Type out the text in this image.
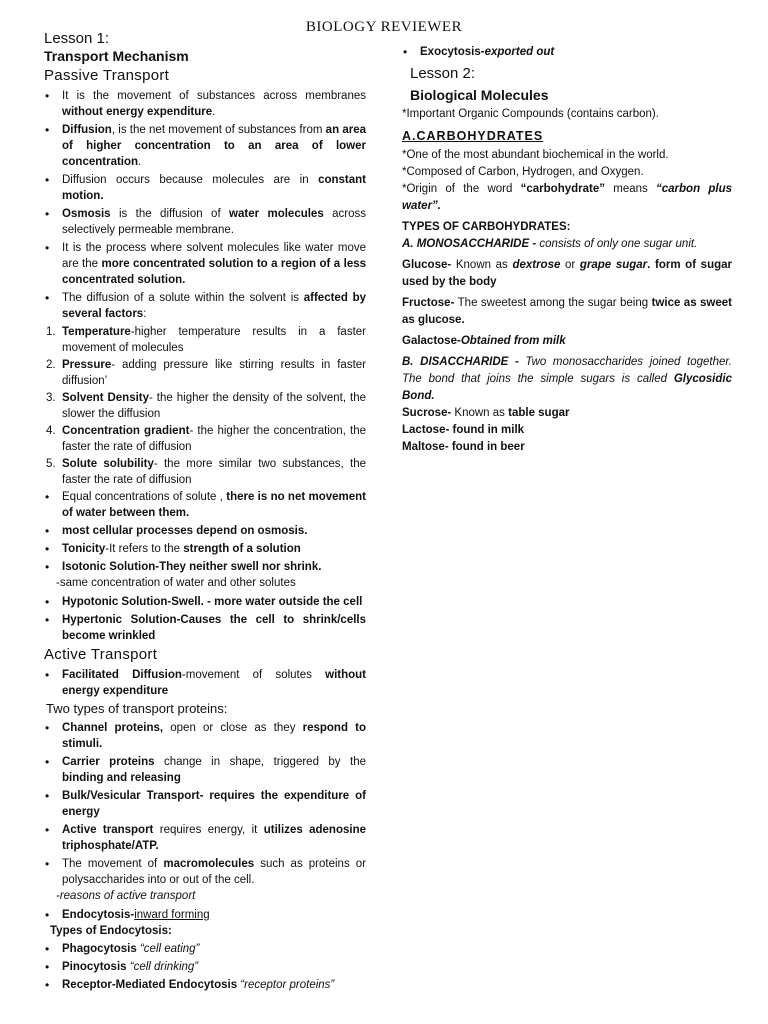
BIOLOGY REVIEWER

Lesson 1:

Transport Mechanism

Passive Transport

• It is the movement of substances across membranes without energy expenditure.
• Diffusion, is the net movement of substances from an area of higher concentration to an area of lower concentration.
• Diffusion occurs because molecules are in constant motion.
• Osmosis is the diffusion of water molecules across selectively permeable membrane.
• It is the process where solvent molecules like water move are the more concentrated solution to a region of a less concentrated solution.
• The diffusion of a solute within the solvent is affected by several factors:
1. Temperature-higher temperature results in a faster movement of molecules
2. Pressure- adding pressure like stirring results in faster diffusion’
3. Solvent Density- the higher the density of the solvent, the slower the diffusion
4. Concentration gradient- the higher the concentration, the faster the rate of diffusion
5. Solute solubility- the more similar two substances, the faster the rate of diffusion
• Equal concentrations of solute , there is no net movement of water between them.
• most cellular processes depend on osmosis.
• Tonicity-It refers to the strength of a solution
• Isotonic Solution-They neither swell nor shrink.

-same concentration of water and other solutes

• Hypotonic Solution-Swell. - more water outside the cell
• Hypertonic Solution-Causes the cell to shrink/cells become wrinkled

Active Transport

• Facilitated Diffusion-movement of solutes without energy expenditure

Two types of transport proteins:

• Channel proteins, open or close as they respond to stimuli.
• Carrier proteins change in shape, triggered by the binding and releasing
• Bulk/Vesicular Transport- requires the expenditure of energy
• Active transport requires energy, it utilizes adenosine triphosphate/ATP.
• The movement of macromolecules such as proteins or polysaccharides into or out of the cell.

-reasons of active transport

• Endocytosis-inward forming

Types of Endocytosis:

• Phagocytosis “cell eating”
• Pinocytosis “cell drinking”
• Receptor-Mediated Endocytosis “receptor proteins”
• Exocytosis-exported out

Lesson 2:

Biological Molecules

*Important Organic Compounds (contains carbon).

A.CARBOHYDRATES

*One of the most abundant biochemical in the world.

*Composed of Carbon, Hydrogen, and Oxygen.

*Origin of the word “carbohydrate” means “carbon plus water”.

TYPES OF CARBOHYDRATES:

A. MONOSACCHARIDE - consists of only one sugar unit.

Glucose- Known as dextrose or grape sugar. form of sugar used by the body

Fructose- The sweetest among the sugar being twice as sweet as glucose.

Galactose-Obtained from milk

B. DISACCHARIDE - Two monosaccharides joined together. The bond that joins the simple sugars is called Glycosidic Bond.

Sucrose- Known as table sugar

Lactose- found in milk

Maltose- found in beer
